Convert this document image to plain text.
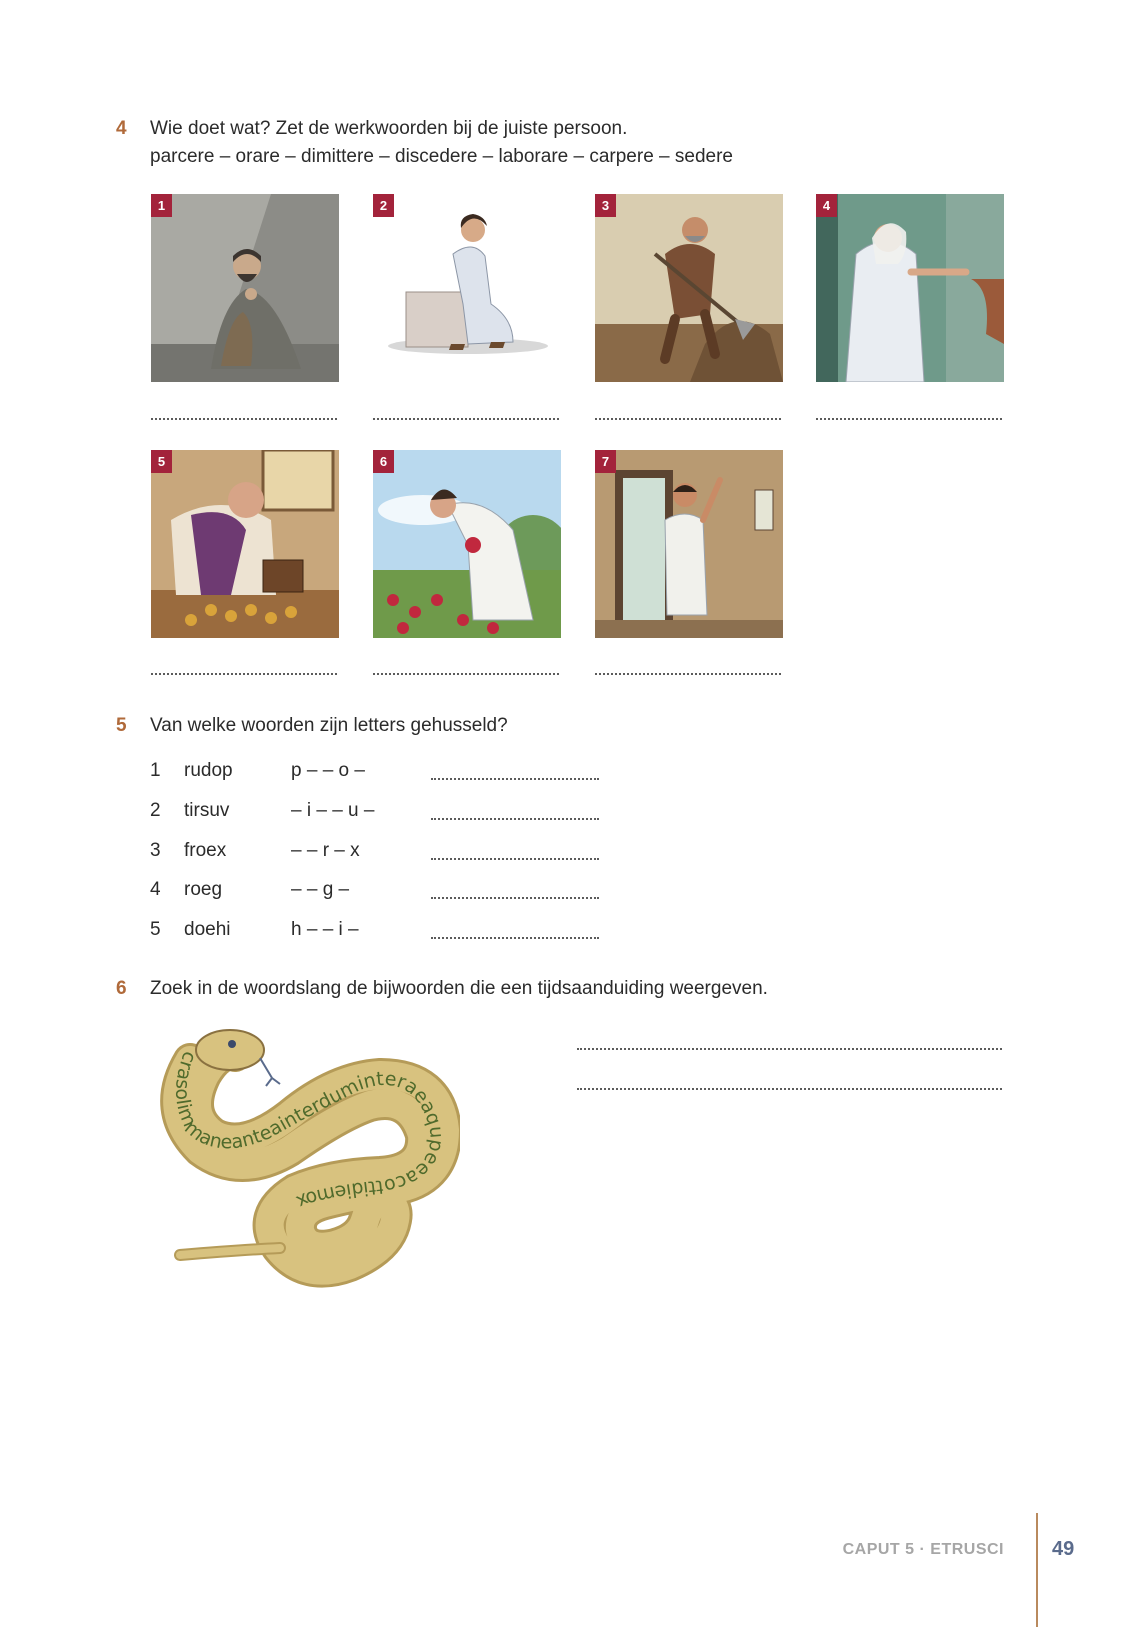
4 Wie doet wat? Zet de werkwoorden bij de juiste persoon.
parcere – orare – dimittere – discedere – laborare – carpere – sedere
1	2	3	4
5	6	7
5 Van welke woorden zijn letters gehusseld?
1 rudop	p – – o –
2 tirsuv	– i – – u –
3 froex	– – r – x
4 roeg	– – g –
5 doehi	h – – i –
6 Zoek in de woordslang de bijwoorden die een tijdsaanduiding weergeven.
crasolimmaneanteainterduminteraeaqupeeacottidiemox
CAPUT 5 · ETRUSCI 49
